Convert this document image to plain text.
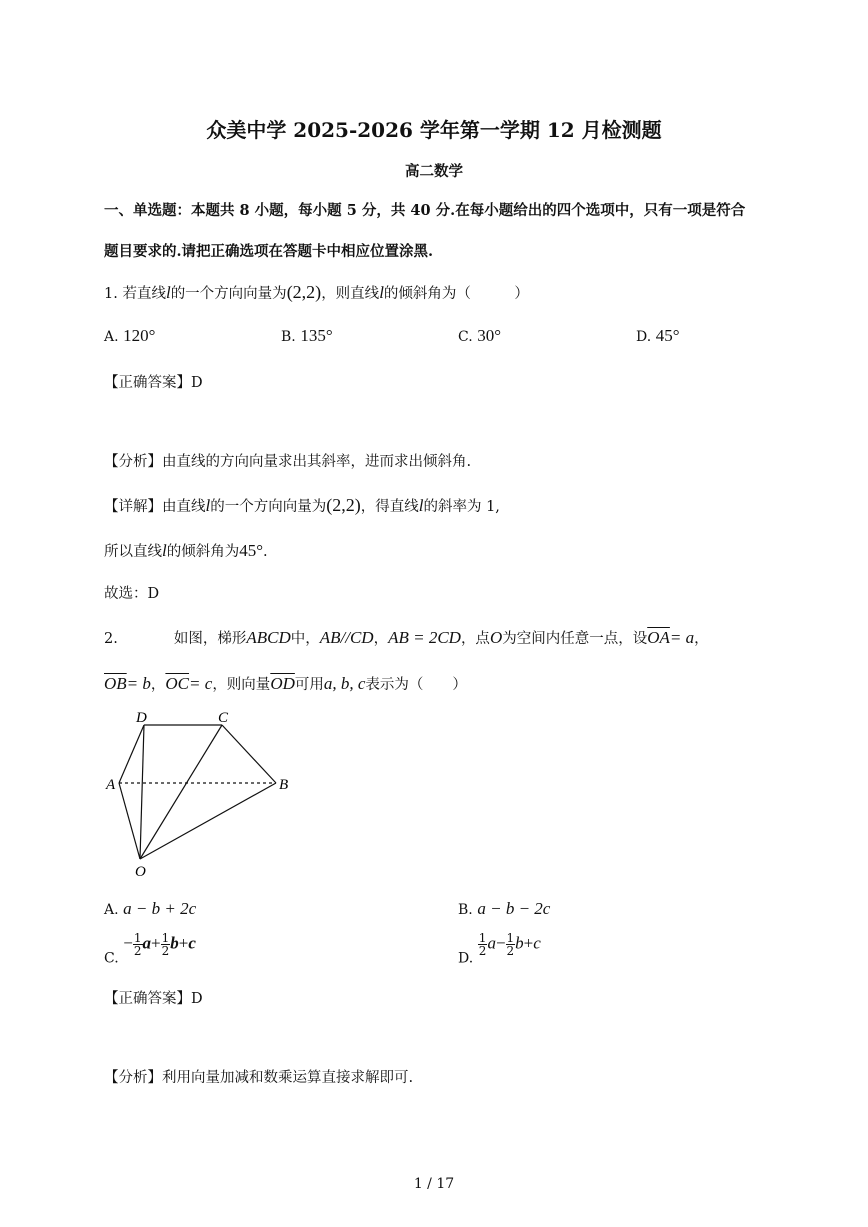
众美中学 2025-2026 学年第一学期 12 月检测题
高二数学
一、单选题：本题共 8 小题，每小题 5 分，共 40 分.在每小题给出的四个选项中，只有一项是符合
题目要求的.请把正确选项在答题卡中相应位置涂黑.
1. 若直线l的一个方向向量为(2,2)，则直线l的倾斜角为（　　　）
A. 120°	B. 135°	C. 30°	D. 45°
【正确答案】D
【分析】由直线的方向向量求出其斜率，进而求出倾斜角.
【详解】由直线l的一个方向向量为(2,2)，得直线l的斜率为 1,
所以直线l的倾斜角为45°.
故选：D
2.	如图，梯形ABCD中，AB//CD，AB = 2CD，点O为空间内任意一点，设$\overline{OA}= a$，
$\overline{OB}= b$，$\overline{OC}= c$，则向量$\overline{OD}$可用a, b, c表示为（　　）
D	C
A	B
O
A. a − b + 2c	B. a − b − 2c
C. − $\frac{1}{2} a+ \frac{1}{2} b+c$
D.
$\frac{1}{2} a- \frac{1}{2} b+c$
【正确答案】D
【分析】利用向量加减和数乘运算直接求解即可.
1 / 17
